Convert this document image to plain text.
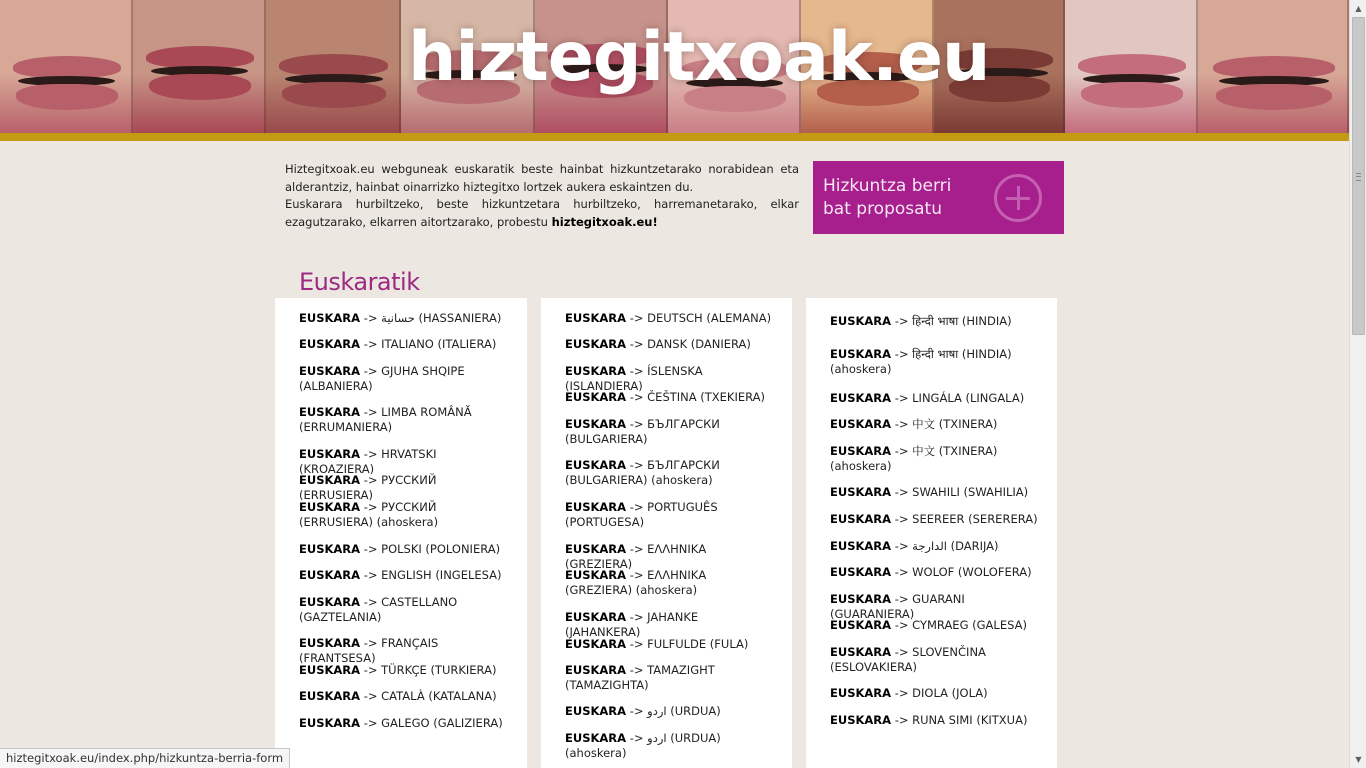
hiztegitxoak.eu
Hiztegitxoak.eu webguneak euskaratik beste hainbat hizkuntzetarako norabidean eta alderantziz, hainbat oinarrizko hiztegitxo lortzek aukera eskaintzen du.
Euskarara hurbiltzeko, beste hizkuntzetara hurbiltzeko, harremanetarako, elkar ezagutzarako, elkarren aitortzarako, probestu hiztegitxoak.eu!
Hizkuntza berri
bat proposatu
Euskaratik
EUSKARA -> حسانية (HASSANIERA)
EUSKARA -> ITALIANO (ITALIERA)
EUSKARA -> GJUHA SHQIPE (ALBANIERA)
EUSKARA -> LIMBA ROMÂNĂ (ERRUMANIERA)
EUSKARA -> HRVATSKI (KROAZIERA)
EUSKARA -> РУССКИЙ (ERRUSIERA)
EUSKARA -> РУССКИЙ (ERRUSIERA) (ahoskera)
EUSKARA -> POLSKI (POLONIERA)
EUSKARA -> ENGLISH (INGELESA)
EUSKARA -> CASTELLANO (GAZTELANIA)
EUSKARA -> FRANÇAIS (FRANTSESA)
EUSKARA -> TÜRKÇE (TURKIERA)
EUSKARA -> CATALÀ (KATALANA)
EUSKARA -> GALEGO (GALIZIERA)
EUSKARA -> DEUTSCH (ALEMANA)
EUSKARA -> DANSK (DANIERA)
EUSKARA -> ÍSLENSKA (ISLANDIERA)
EUSKARA -> ČEŠTINA (TXEKIERA)
EUSKARA -> БЪЛГАРСКИ (BULGARIERA)
EUSKARA -> БЪЛГАРСКИ (BULGARIERA) (ahoskera)
EUSKARA -> PORTUGUÊS (PORTUGESA)
EUSKARA -> ΕΛΛΗΝΙΚΑ (GREZIERA)
EUSKARA -> ΕΛΛΗΝΙΚΑ (GREZIERA) (ahoskera)
EUSKARA -> JAHANKE (JAHANKERA)
EUSKARA -> FULFULDE (FULA)
EUSKARA -> TAMAZIGHT (TAMAZIGHTA)
EUSKARA -> اردو (URDUA)
EUSKARA -> اردو (URDUA) (ahoskera)
EUSKARA -> हिन्दी भाषा (HINDIA)
EUSKARA -> हिन्दी भाषा (HINDIA) (ahoskera)
EUSKARA -> LINGÁLA (LINGALA)
EUSKARA -> 中文 (TXINERA)
EUSKARA -> 中文 (TXINERA) (ahoskera)
EUSKARA -> SWAHILI (SWAHILIA)
EUSKARA -> SEEREER (SERERERA)
EUSKARA -> الدارجة (DARIJA)
EUSKARA -> WOLOF (WOLOFERA)
EUSKARA -> GUARANI (GUARANIERA)
EUSKARA -> CYMRAEG (GALESA)
EUSKARA -> SLOVENČINA (ESLOVAKIERA)
EUSKARA -> DIOLA (JOLA)
EUSKARA -> RUNA SIMI (KITXUA)
▲
▼
hiztegitxoak.eu/index.php/hizkuntza-berria-form
